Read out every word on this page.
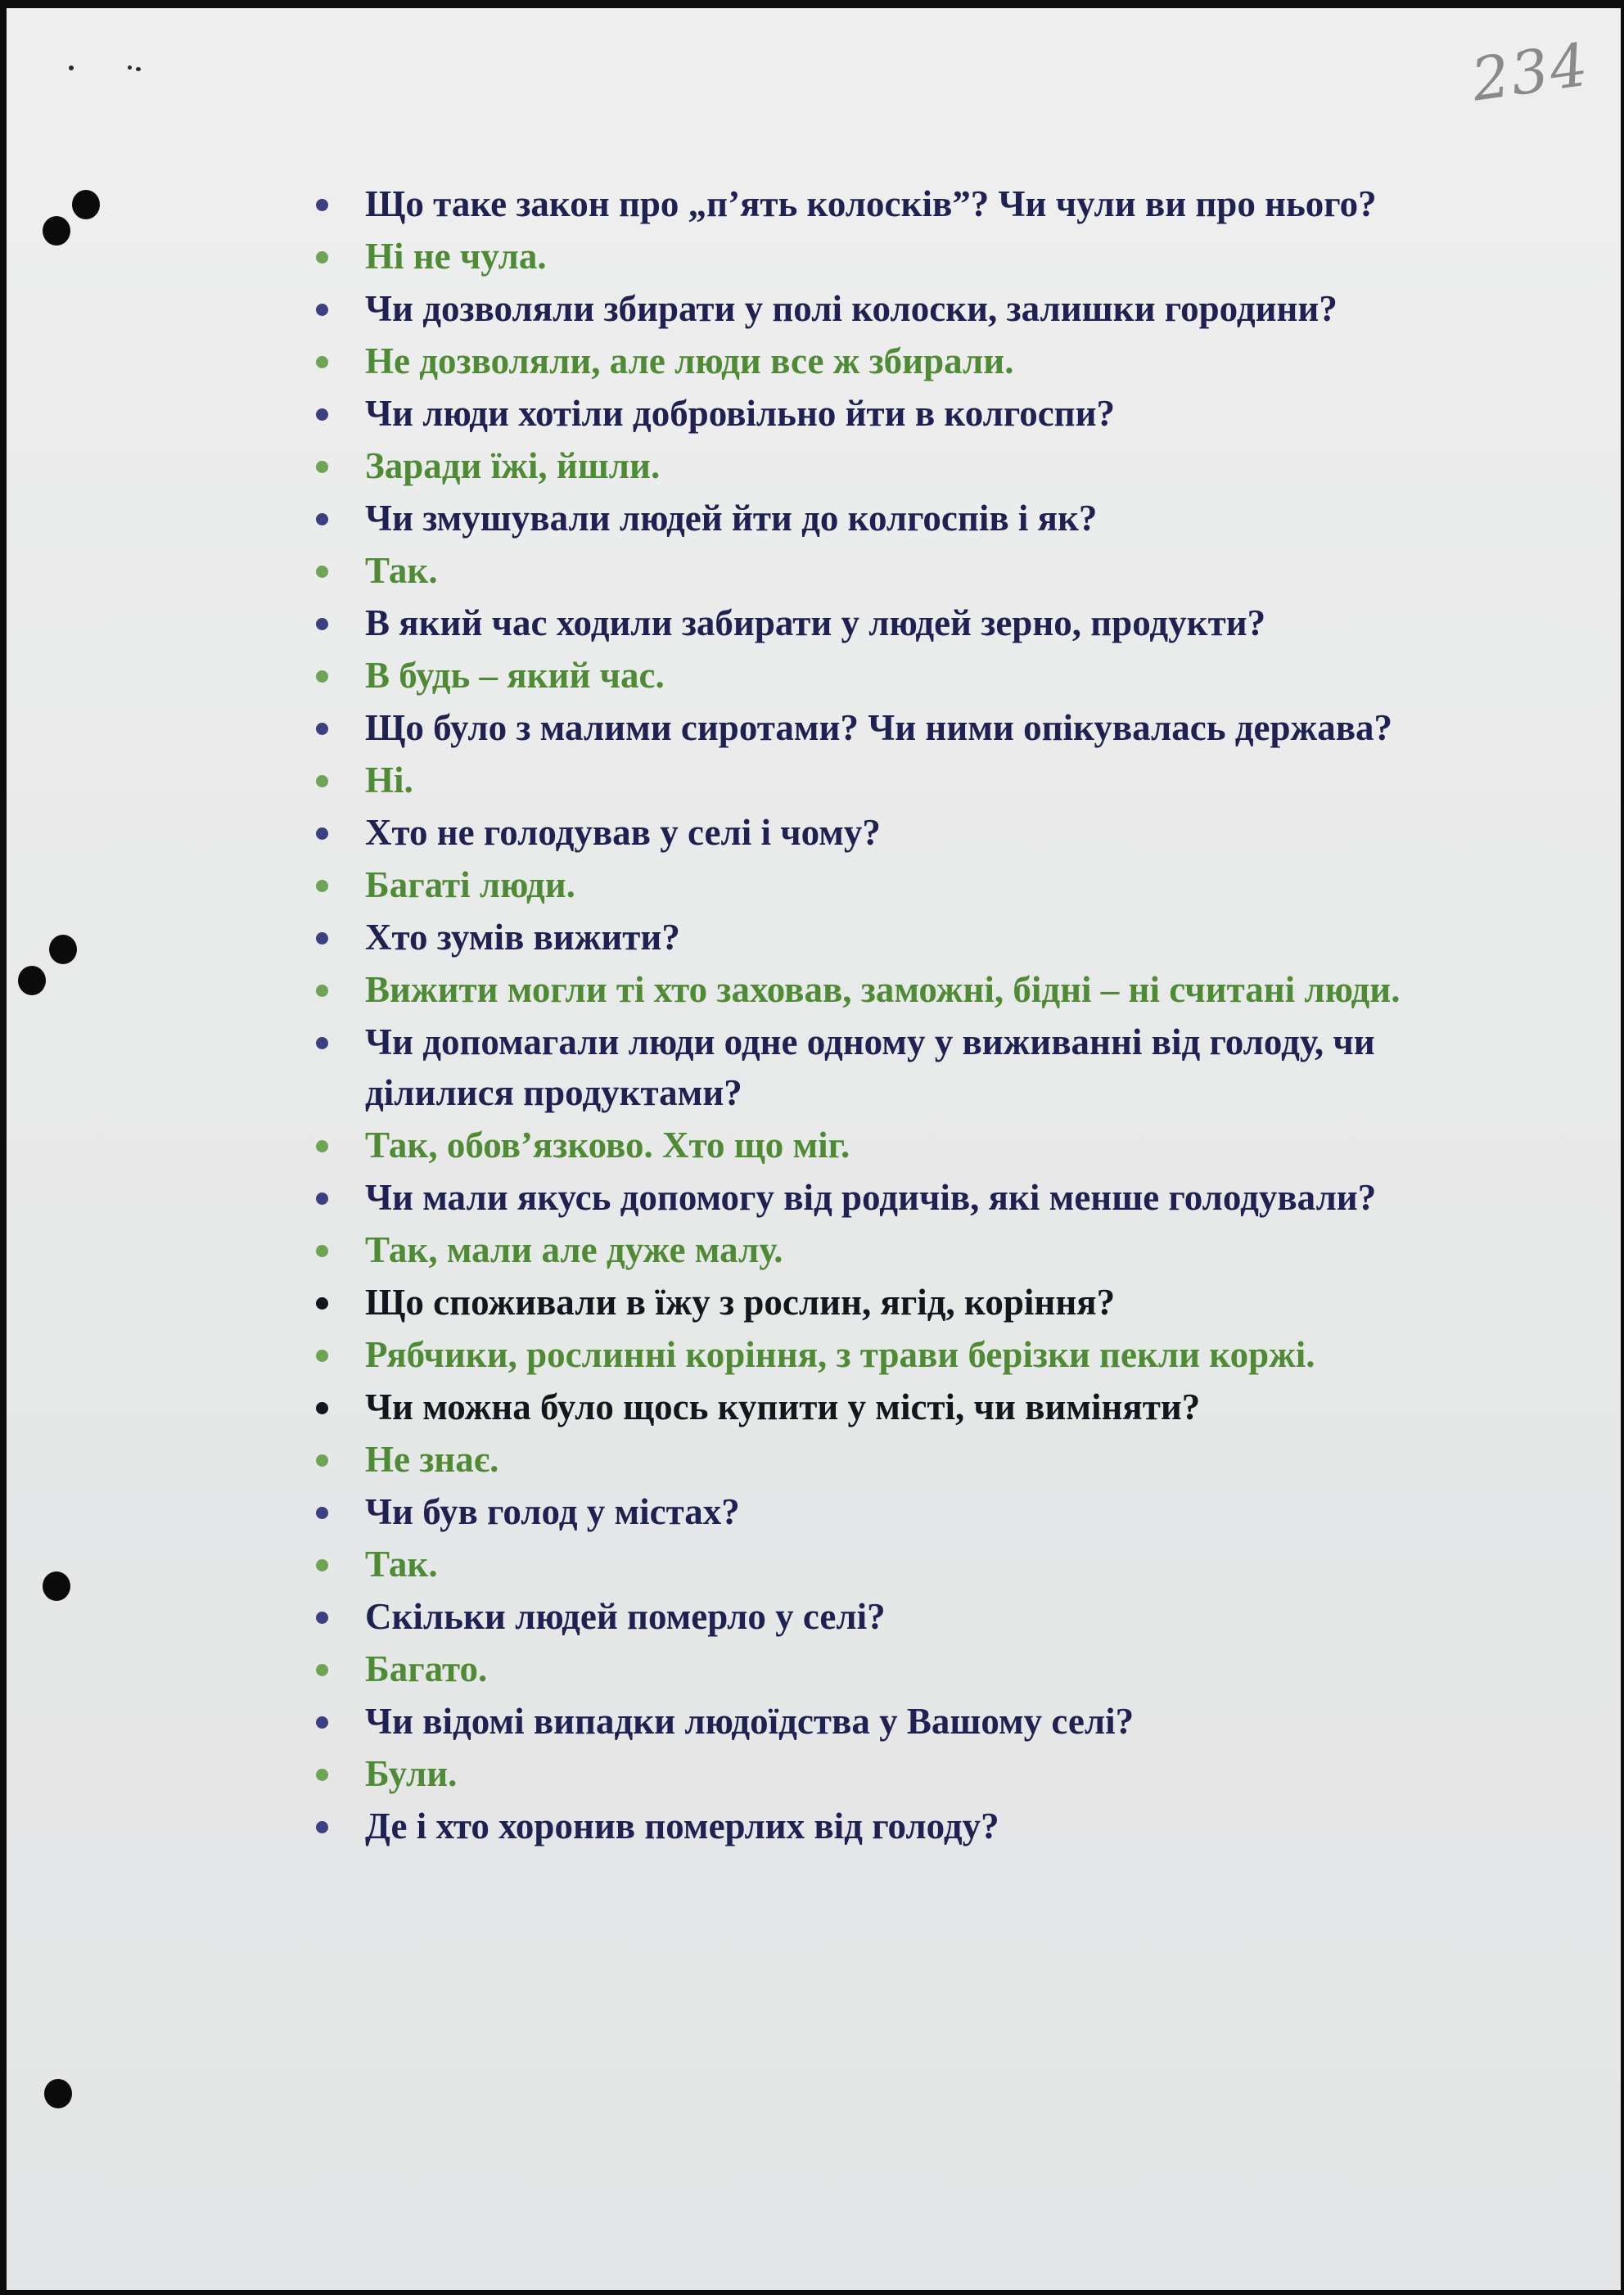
234
Що таке закон про „п’ять колосків”? Чи чули ви про нього?
Ні не чула.
Чи дозволяли збирати у полі колоски, залишки городини?
Не дозволяли, але люди все ж збирали.
Чи люди хотіли добровільно йти в колгоспи?
Заради їжі, йшли.
Чи змушували людей йти до колгоспів і як?
Так.
В який час ходили забирати у людей зерно, продукти?
В будь – який час.
Що було з малими сиротами? Чи ними опікувалась держава?
Ні.
Хто не голодував у селі і чому?
Багаті люди.
Хто зумів вижити?
Вижити могли ті хто заховав, заможні, бідні – ні считані люди.
Чи допомагали люди одне одному у виживанні від голоду, чи ділилися продуктами?
Так, обов’язково. Хто що міг.
Чи мали якусь допомогу від родичів, які менше голодували?
Так, мали але дуже малу.
Що споживали в їжу з рослин, ягід, коріння?
Рябчики, рослинні коріння, з трави берізки пекли коржі.
Чи можна було щось купити у місті, чи виміняти?
Не знає.
Чи був голод у містах?
Так.
Скільки людей померло у селі?
Багато.
Чи відомі випадки людоїдства у Вашому селі?
Були.
Де і хто хоронив померлих від голоду?
